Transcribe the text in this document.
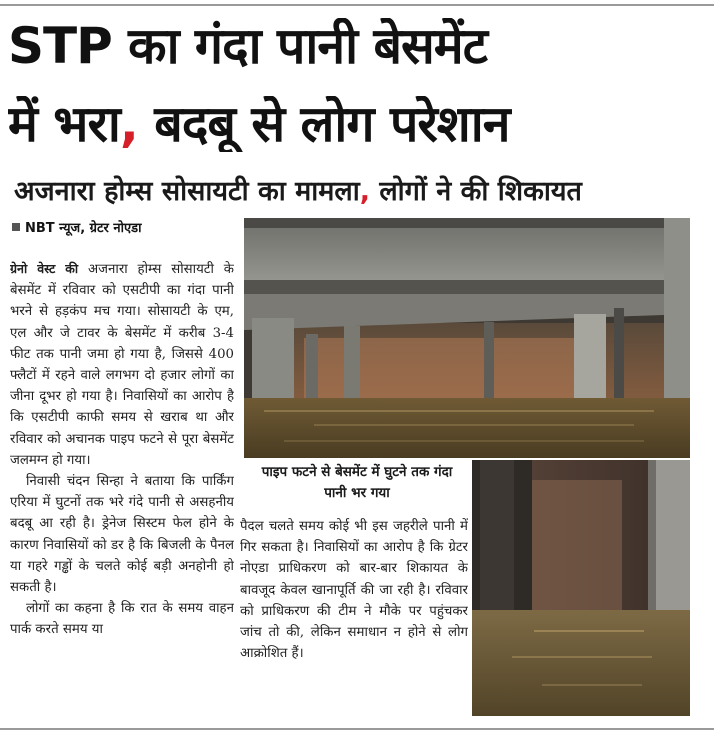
STP का गंदा पानी बेसमेंट
में भरा, बदबू से लोग परेशान
अजनारा होम्स सोसायटी का मामला, लोगों ने की शिकायत
NBT न्यूज, ग्रेटर नोएडा

ग्रेनो वेस्ट की अजनारा होम्स सोसायटी के बेसमेंट में रविवार को एसटीपी का गंदा पानी भरने से हड़कंप मच गया। सोसायटी के एम, एल और जे टावर के बेसमेंट में करीब 3-4 फीट तक पानी जमा हो गया है, जिससे 400 फ्लैटों में रहने वाले लगभग दो हजार लोगों का जीना दूभर हो गया है। निवासियों का आरोप है कि एसटीपी काफी समय से खराब था और रविवार को अचानक पाइप फटने से पूरा बेसमेंट जलमग्न हो गया।

निवासी चंदन सिन्हा ने बताया कि पार्किंग एरिया में घुटनों तक भरे गंदे पानी से असहनीय बदबू आ रही है। ड्रेनेज सिस्टम फेल होने के कारण निवासियों को डर है कि बिजली के पैनल या गहरे गड्ढों के चलते कोई बड़ी अनहोनी हो सकती है।

लोगों का कहना है कि रात के समय वाहन पार्क करते समय या

पाइप फटने से बेसमेंट में घुटने तक गंदा पानी भर गया

पैदल चलते समय कोई भी इस जहरीले पानी में गिर सकता है। निवासियों का आरोप है कि ग्रेटर नोएडा प्राधिकरण को बार-बार शिकायत के बावजूद केवल खानापूर्ति की जा रही है। रविवार को प्राधिकरण की टीम ने मौके पर पहुंचकर जांच तो की, लेकिन समाधान न होने से लोग आक्रोशित हैं।
